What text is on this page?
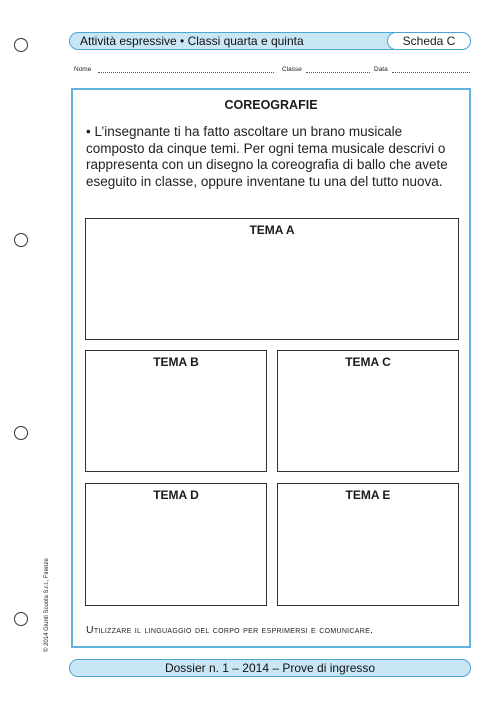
Attività espressive • Classi quarta e quinta	Scheda C
Nome	Classe	Data
COREOGRAFIE
• L’insegnante ti ha fatto ascoltare un brano musicale composto da cinque temi. Per ogni tema musicale descrivi o rappresenta con un disegno la coreografia di ballo che avete eseguito in classe, oppure inventane tu una del tutto nuova.
TEMA A
TEMA B	TEMA C
TEMA D	TEMA E
Utilizzare il linguaggio del corpo per esprimersi e comunicare.
© 2014 Giunti Scuola S.r.l., Firenze
Dossier n. 1 – 2014 – Prove di ingresso
